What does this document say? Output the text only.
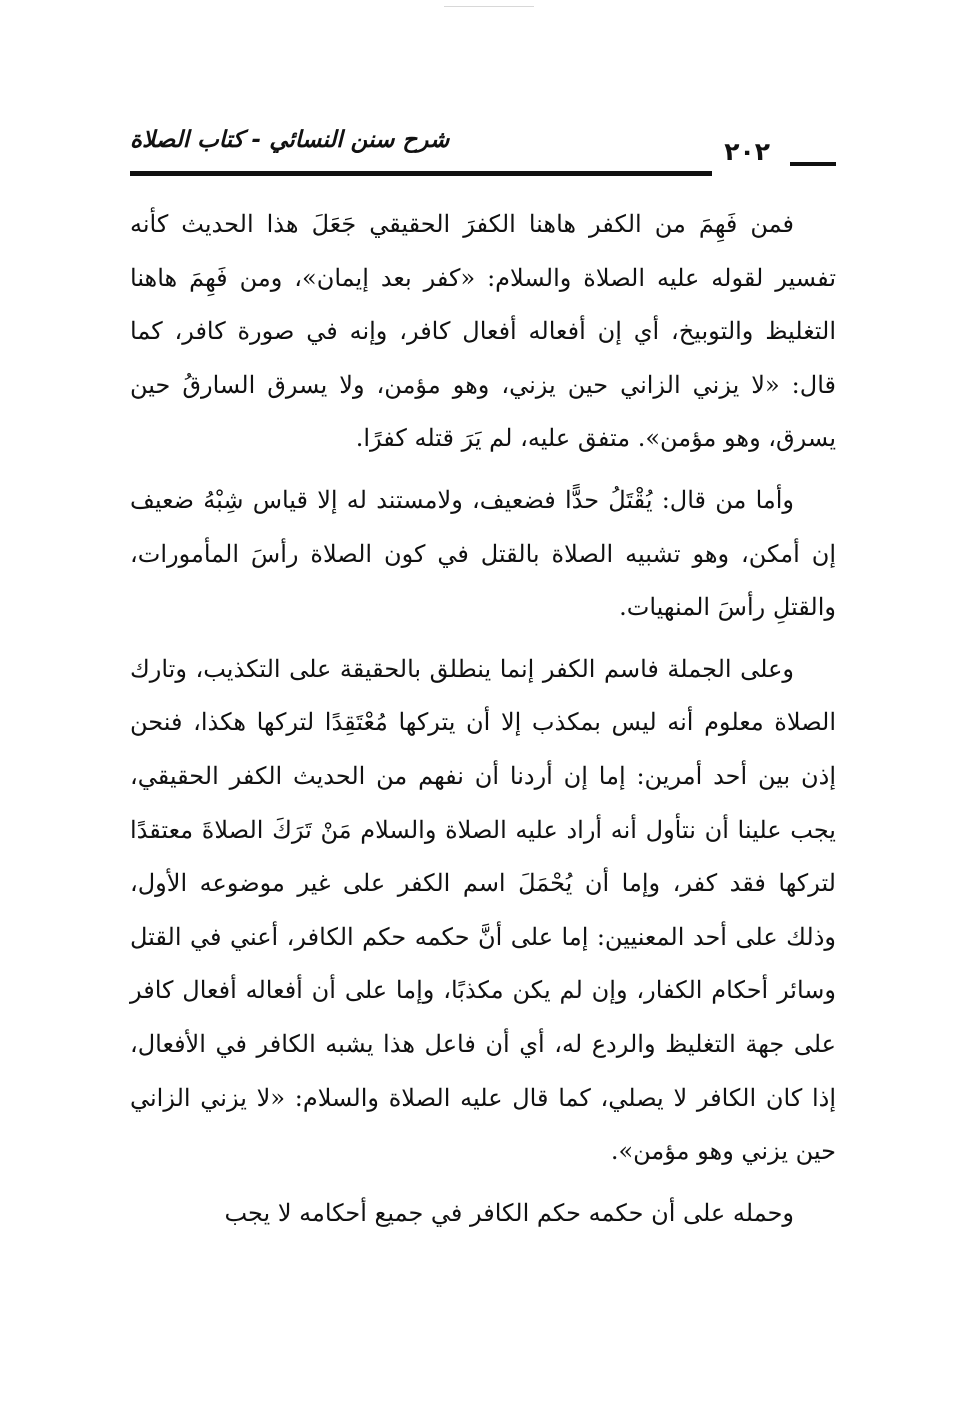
٢٠٢
شرح سنن النسائي - كتاب الصلاة

فمن فَهِمَ من الكفر هاهنا الكفرَ الحقيقي جَعَلَ هذا الحديث كأنه تفسير لقوله عليه الصلاة والسلام: «كفر بعد إيمان»، ومن فَهِمَ هاهنا التغليظ والتوبيخ، أي إن أفعاله أفعال كافر، وإنه في صورة كافر، كما قال: «لا يزني الزاني حين يزني، وهو مؤمن، ولا يسرق السارقُ حين يسرق، وهو مؤمن». متفق عليه، لم يَرَ قتله كفرًا.

وأما من قال: يُقْتَلُ حدًّا فضعيف، ولامستند له إلا قياس شِبْهُ ضعيف إن أمكن، وهو تشبيه الصلاة بالقتل في كون الصلاة رأسَ المأمورات، والقتلِ رأسَ المنهيات.

وعلى الجملة فاسم الكفر إنما ينطلق بالحقيقة على التكذيب، وتارك الصلاة معلوم أنه ليس بمكذب إلا أن يتركها مُعْتَقِدًا لتركها هكذا، فنحن إذن بين أحد أمرين: إما إن أردنا أن نفهم من الحديث الكفر الحقيقي، يجب علينا أن نتأول أنه أراد عليه الصلاة والسلام مَنْ تَرَكَ الصلاةَ معتقدًا لتركها فقد كفر، وإما أن يُحْمَلَ اسم الكفر على غير موضوعه الأول، وذلك على أحد المعنيين: إما على أنَّ حكمه حكم الكافر، أعني في القتل وسائر أحكام الكفار، وإن لم يكن مكذبًا، وإما على أن أفعاله أفعال كافر على جهة التغليظ والردع له، أي أن فاعل هذا يشبه الكافر في الأفعال، إذا كان الكافر لا يصلي، كما قال عليه الصلاة والسلام: «لا يزني الزاني حين يزني وهو مؤمن».

وحمله على أن حكمه حكم الكافر في جميع أحكامه لا يجب
